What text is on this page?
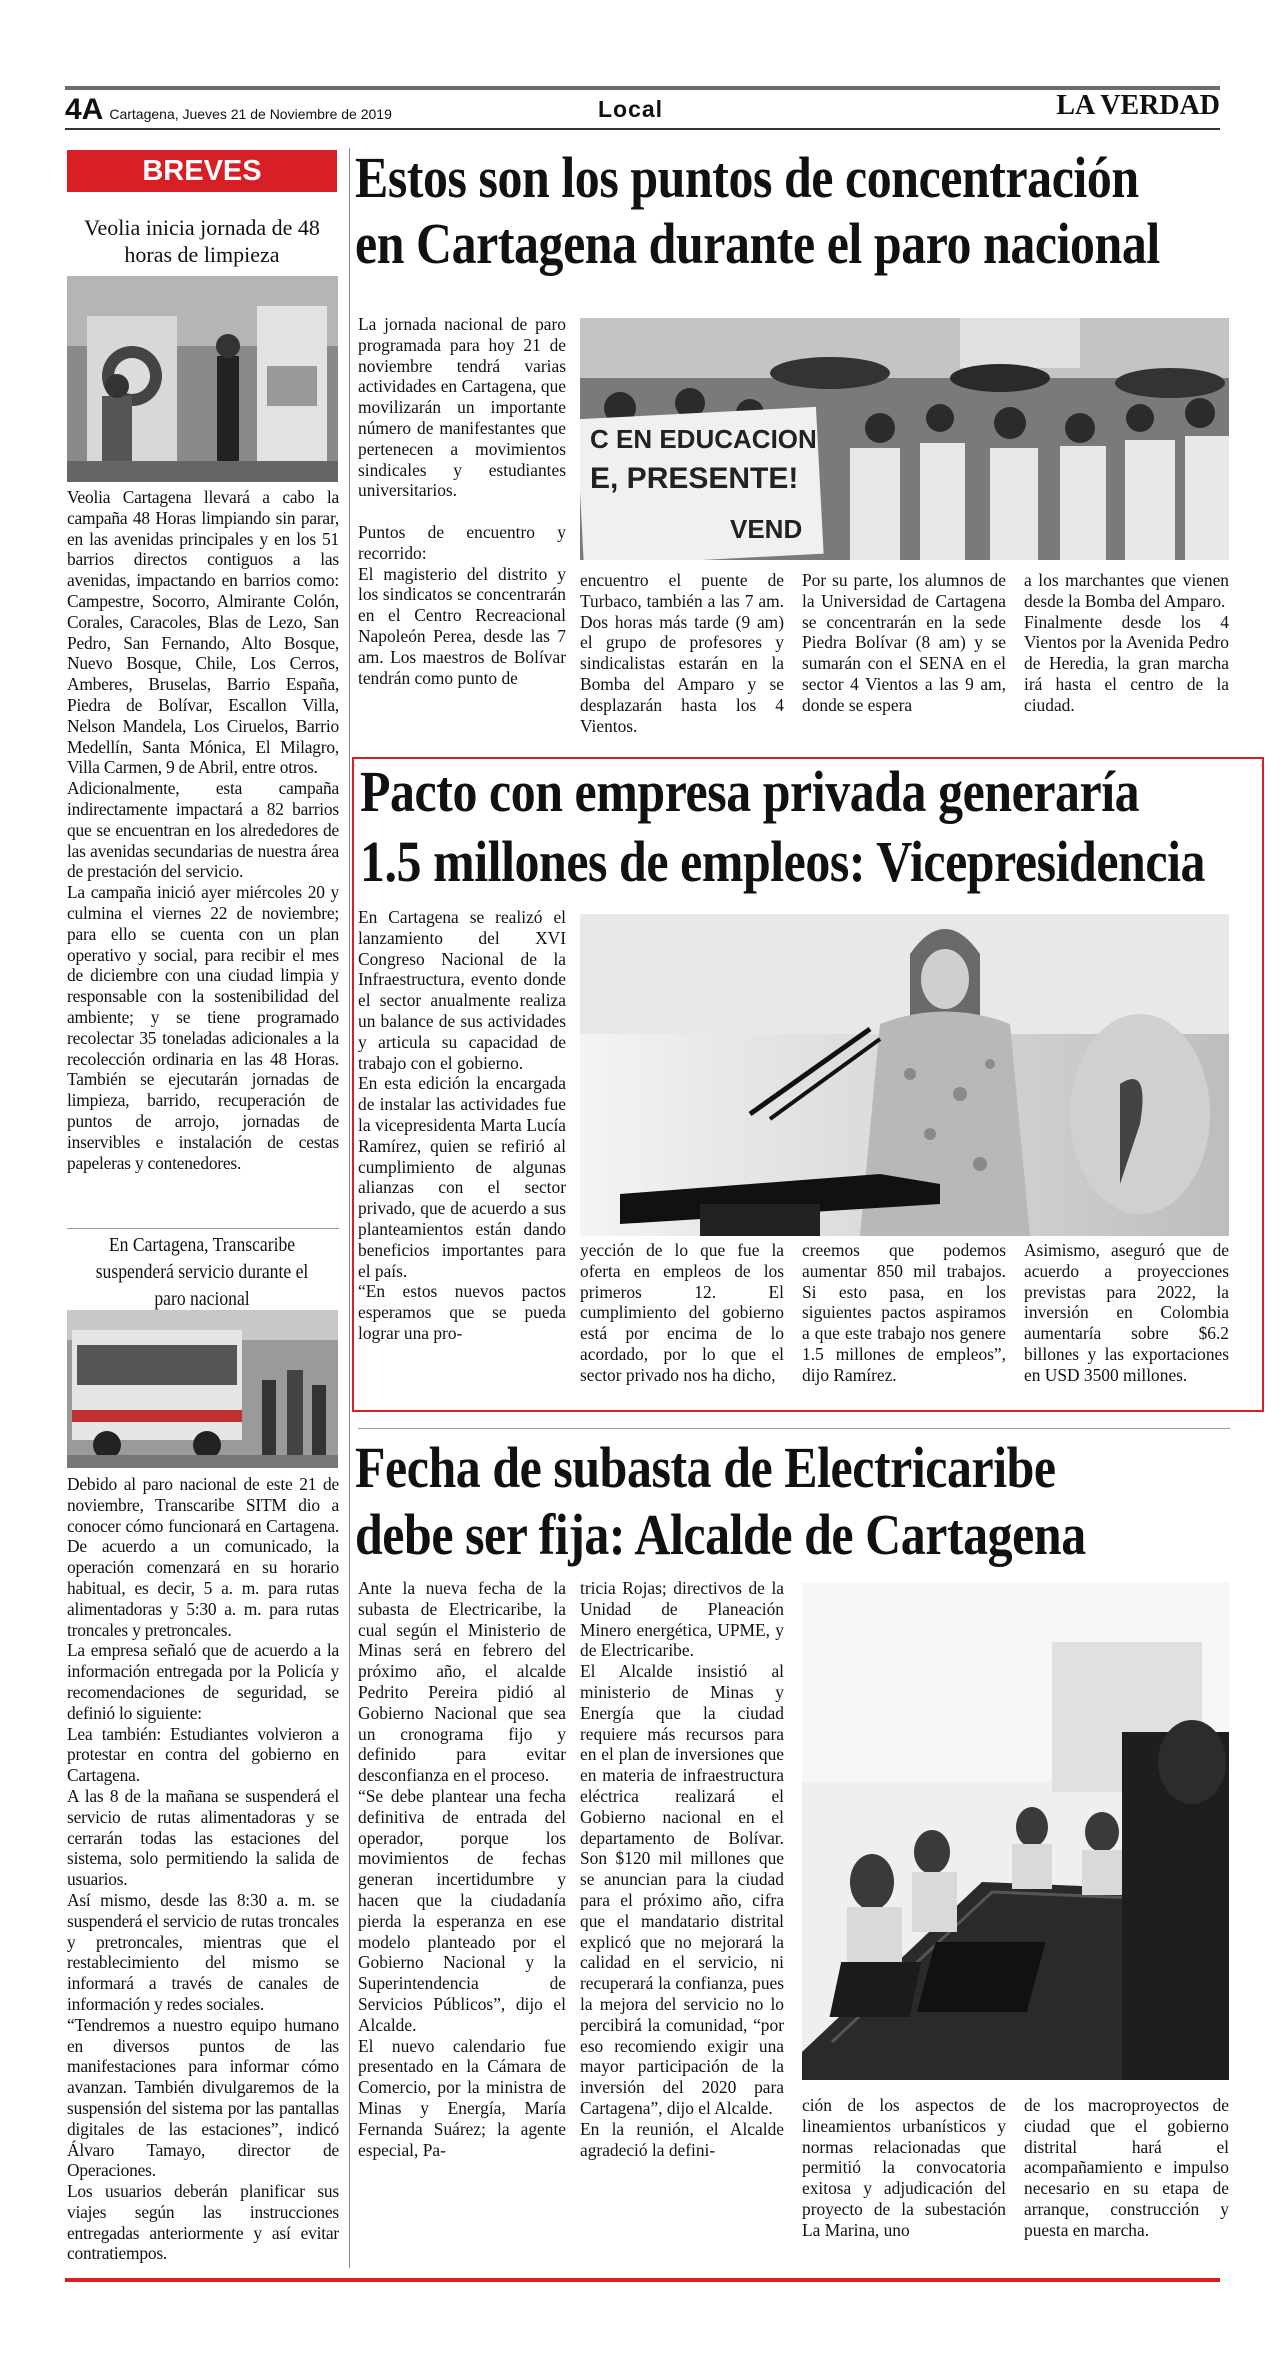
4A Cartagena, Jueves 21 de Noviembre de 2019	Local	LA VERDAD
BREVES
Veolia inicia jornada de 48 horas de limpieza
Veolia Cartagena llevará a cabo la campaña 48 Horas limpiando sin parar, en las avenidas principales y en los 51 barrios directos contiguos a las avenidas, impactando en barrios como: Campestre, Socorro, Almirante Colón, Corales, Caracoles, Blas de Lezo, San Pedro, San Fernando, Alto Bosque, Nuevo Bosque, Chile, Los Cerros, Amberes, Bruselas, Barrio España, Piedra de Bolívar, Escallon Villa, Nelson Mandela, Los Ciruelos, Barrio Medellín, Santa Mónica, El Milagro, Villa Carmen, 9 de Abril, entre otros.
Adicionalmente, esta campaña indirectamente impactará a 82 barrios que se encuentran en los alrededores de las avenidas secundarias de nuestra área de prestación del servicio.
La campaña inició ayer miércoles 20 y culmina el viernes 22 de noviembre; para ello se cuenta con un plan operativo y social, para recibir el mes de diciembre con una ciudad limpia y responsable con la sostenibilidad del ambiente; y se tiene programado recolectar 35 toneladas adicionales a la recolección ordinaria en las 48 Horas. También se ejecutarán jornadas de limpieza, barrido, recuperación de puntos de arrojo, jornadas de inservibles e instalación de cestas papeleras y contenedores.
En Cartagena, Transcaribe suspenderá servicio durante el paro nacional
Debido al paro nacional de este 21 de noviembre, Transcaribe SITM dio a conocer cómo funcionará en Cartagena. De acuerdo a un comunicado, la operación comenzará en su horario habitual, es decir, 5 a. m. para rutas alimentadoras y 5:30 a. m. para rutas troncales y pretroncales.
La empresa señaló que de acuerdo a la información entregada por la Policía y recomendaciones de seguridad, se definió lo siguiente:
Lea también: Estudiantes volvieron a protestar en contra del gobierno en Cartagena.
A las 8 de la mañana se suspenderá el servicio de rutas alimentadoras y se cerrarán todas las estaciones del sistema, solo permitiendo la salida de usuarios.
Así mismo, desde las 8:30 a. m. se suspenderá el servicio de rutas troncales y pretroncales, mientras que el restablecimiento del mismo se informará a través de canales de información y redes sociales.
“Tendremos a nuestro equipo humano en diversos puntos de las manifestaciones para informar cómo avanzan. También divulgaremos de la suspensión del sistema por las pantallas digitales de las estaciones”, indicó Álvaro Tamayo, director de Operaciones.
Los usuarios deberán planificar sus viajes según las instrucciones entregadas anteriormente y así evitar contratiempos.
Estos son los puntos de concentración
en Cartagena durante el paro nacional
La jornada nacional de paro programada para hoy 21 de noviembre tendrá varias actividades en Cartagena, que movilizarán un importante número de manifestantes que pertenecen a movimientos sindicales y estudiantes universitarios.

Puntos de encuentro y recorrido:
El magisterio del distrito y los sindicatos se concentrarán en el Centro Recreacional Napoleón Perea, desde las 7 am. Los maestros de Bolívar tendrán como punto de
C EN EDUCACION
E, PRESENTE!
VEND
encuentro el puente de Turbaco, también a las 7 am. Dos horas más tarde (9 am) el grupo de profesores y sindicalistas estarán en la Bomba del Amparo y se desplazarán hasta los 4 Vientos.
Por su parte, los alumnos de la Universidad de Cartagena se concentrarán en la sede Piedra Bolívar (8 am) y se sumarán con el SENA en el sector 4 Vientos a las 9 am, donde se espera
a los marchantes que vienen desde la Bomba del Amparo.
Finalmente desde los 4 Vientos por la Avenida Pedro de Heredia, la gran marcha irá hasta el centro de la ciudad.
Pacto con empresa privada generaría
1.5 millones de empleos: Vicepresidencia
En Cartagena se realizó el lanzamiento del XVI Congreso Nacional de la Infraestructura, evento donde el sector anualmente realiza un balance de sus actividades y articula su capacidad de trabajo con el gobierno.
En esta edición la encargada de instalar las actividades fue la vicepresidenta Marta Lucía Ramírez, quien se refirió al cumplimiento de algunas alianzas con el sector privado, que de acuerdo a sus planteamientos están dando beneficios importantes para el país.
“En estos nuevos pactos esperamos que se pueda lograr una pro-
yección de lo que fue la oferta en empleos de los primeros 12. El cumplimiento del gobierno está por encima de lo acordado, por lo que el sector privado nos ha dicho,
creemos que podemos aumentar 850 mil trabajos. Si esto pasa, en los siguientes pactos aspiramos a que este trabajo nos genere 1.5 millones de empleos”, dijo Ramírez.
Asimismo, aseguró que de acuerdo a proyecciones previstas para 2022, la inversión en Colombia aumentaría sobre $6.2 billones y las exportaciones en USD 3500 millones.
Fecha de subasta de Electricaribe
debe ser fija: Alcalde de Cartagena
Ante la nueva fecha de la subasta de Electricaribe, la cual según el Ministerio de Minas será en febrero del próximo año, el alcalde Pedrito Pereira pidió al Gobierno Nacional que sea un cronograma fijo y definido para evitar desconfianza en el proceso.
“Se debe plantear una fecha definitiva de entrada del operador, porque los movimientos de fechas generan incertidumbre y hacen que la ciudadanía pierda la esperanza en ese modelo planteado por el Gobierno Nacional y la Superintendencia de Servicios Públicos”, dijo el Alcalde.
El nuevo calendario fue presentado en la Cámara de Comercio, por la ministra de Minas y Energía, María Fernanda Suárez; la agente especial, Pa-
tricia Rojas; directivos de la Unidad de Planeación Minero energética, UPME, y de Electricaribe.
El Alcalde insistió al ministerio de Minas y Energía que la ciudad requiere más recursos para en el plan de inversiones que en materia de infraestructura eléctrica realizará el Gobierno nacional en el departamento de Bolívar. Son $120 mil millones que se anuncian para la ciudad para el próximo año, cifra que el mandatario distrital explicó que no mejorará la calidad en el servicio, ni recuperará la confianza, pues la mejora del servicio no lo percibirá la comunidad, “por eso recomiendo exigir una mayor participación de la inversión del 2020 para Cartagena”, dijo el Alcalde.
En la reunión, el Alcalde agradeció la defini-
ción de los aspectos de lineamientos urbanísticos y normas relacionadas que permitió la convocatoria exitosa y adjudicación del proyecto de la subestación La Marina, uno
de los macroproyectos de ciudad que el gobierno distrital hará el acompañamiento e impulso necesario en su etapa de arranque, construcción y puesta en marcha.
